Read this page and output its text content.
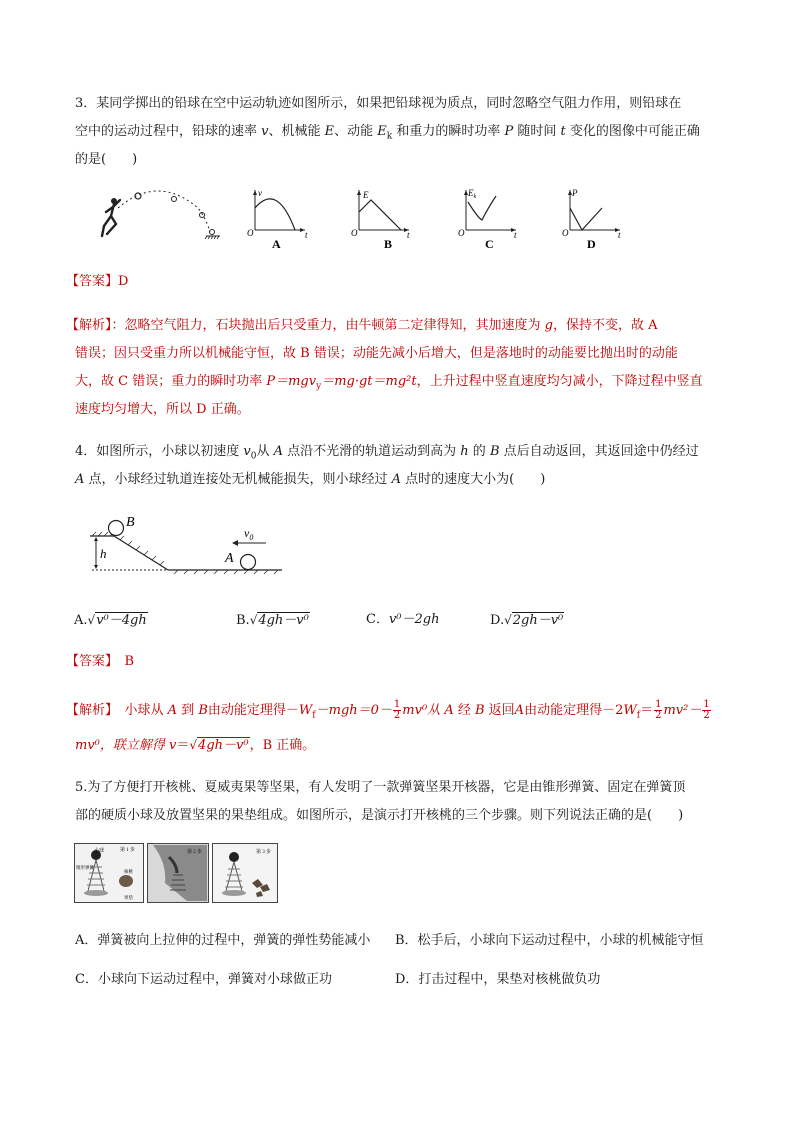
3．某同学掷出的铅球在空中运动轨迹如图所示，如果把铅球视为质点，同时忽略空气阻力作用，则铅球在

空中的运动过程中，铅球的速率 v、机械能 E、动能 $E_k$ 和重力的瞬时功率 P 随时间 t 变化的图像中可能正确

的是(　　)

v
O	t
A
E
O	t
B
$E_k$
O	t
C
P
O	t
D

【答案】D

【解析】：忽略空气阻力，石块抛出后只受重力，由牛顿第二定律得知，其加速度为 g，保持不变，故 A

错误；因只受重力所以机械能守恒，故 B 错误；动能先减小后增大，但是落地时的动能要比抛出时的动能

大，故 C 错误；重力的瞬时功率 P＝mgv$_y$＝mg·gt＝mg²t，上升过程中竖直速度均匀减小，下降过程中竖直

速度均匀增大，所以 D 正确。

4．如图所示，小球以初速度 $v_0$从 A 点沿不光滑的轨道运动到高为 h 的 B 点后自动返回，其返回途中仍经过

A 点，小球经过轨道连接处无机械能损失，则小球经过 A 点时的速度大小为(　　)

h
B
A
$v_0$
A.√v⁰－4gh	B.√4gh－v⁰	C．v⁰－2gh	D.√2gh－v⁰

【答案】　 B

【解析】　 小球从 A 到 B由动能定理得$-W_f-mgh=0- \frac{1}{2} mv^0$从 A 经 B 返回A由动能定理得$-2W_f= \frac{1}{2} mv^2- \frac{1}{2}$

mv⁰，联立解得 v＝√4gh－v⁰，B 正确。

5.为了方便打开核桃、夏威夷果等坚果，有人发明了一款弹簧坚果开核器，它是由锥形弹簧、固定在弹簧顶

部的硬质小球及放置坚果的果垫组成。如图所示，是演示打开核桃的三个步骤。则下列说法正确的是(　　)

小球	第 1 步
核桃
锥形弹簧
果垫
第 2 步	第 3 步

A．弹簧被向上拉伸的过程中，弹簧的弹性势能减小	B．松手后，小球向下运动过程中，小球的机械能守恒

C．小球向下运动过程中，弹簧对小球做正功	D．打击过程中，果垫对核桃做负功
